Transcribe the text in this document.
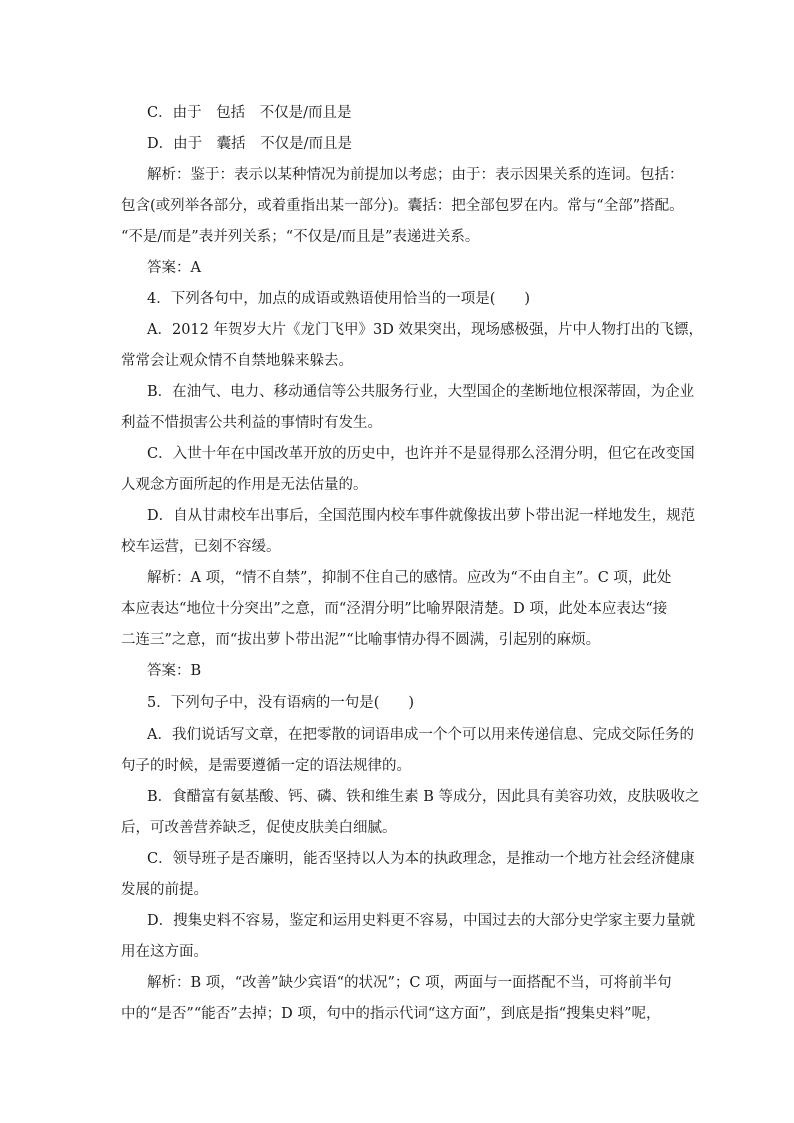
C．由于　包括　不仅是/而且是
D．由于　囊括　不仅是/而且是
解析：鉴于：表示以某种情况为前提加以考虑；由于：表示因果关系的连词。包括：
包含(或列举各部分，或着重指出某一部分)。囊括：把全部包罗在内。常与“全部”搭配。
“不是/而是”表并列关系；“不仅是/而且是”表递进关系。
答案：A
4．下列各句中，加点的成语或熟语使用恰当的一项是(　　)
A．2012 年贺岁大片《龙门飞甲》3D 效果突出，现场感极强，片中人物打出的飞镖，
常常会让观众情不自禁地躲来躲去。
B．在油气、电力、移动通信等公共服务行业，大型国企的垄断地位根深蒂固，为企业
利益不惜损害公共利益的事情时有发生。
C．入世十年在中国改革开放的历史中，也许并不是显得那么泾渭分明，但它在改变国
人观念方面所起的作用是无法估量的。
D．自从甘肃校车出事后，全国范围内校车事件就像拔出萝卜带出泥一样地发生，规范
校车运营，已刻不容缓。
解析：A 项，“情不自禁”，抑制不住自己的感情。应改为“不由自主”。C 项，此处
本应表达“地位十分突出”之意，而“泾渭分明”比喻界限清楚。D 项，此处本应表达“接
二连三”之意，而“拔出萝卜带出泥”“比喻事情办得不圆满，引起别的麻烦。
答案：B
5．下列句子中，没有语病的一句是(　　)
A．我们说话写文章，在把零散的词语串成一个个可以用来传递信息、完成交际任务的
句子的时候，是需要遵循一定的语法规律的。
B．食醋富有氨基酸、钙、磷、铁和维生素 B 等成分，因此具有美容功效，皮肤吸收之
后，可改善营养缺乏，促使皮肤美白细腻。
C．领导班子是否廉明，能否坚持以人为本的执政理念，是推动一个地方社会经济健康
发展的前提。
D．搜集史料不容易，鉴定和运用史料更不容易，中国过去的大部分史学家主要力量就
用在这方面。
解析：B 项，“改善”缺少宾语“的状况”；C 项，两面与一面搭配不当，可将前半句
中的“是否”“能否”去掉；D 项，句中的指示代词“这方面”，到底是指“搜集史料”呢，
